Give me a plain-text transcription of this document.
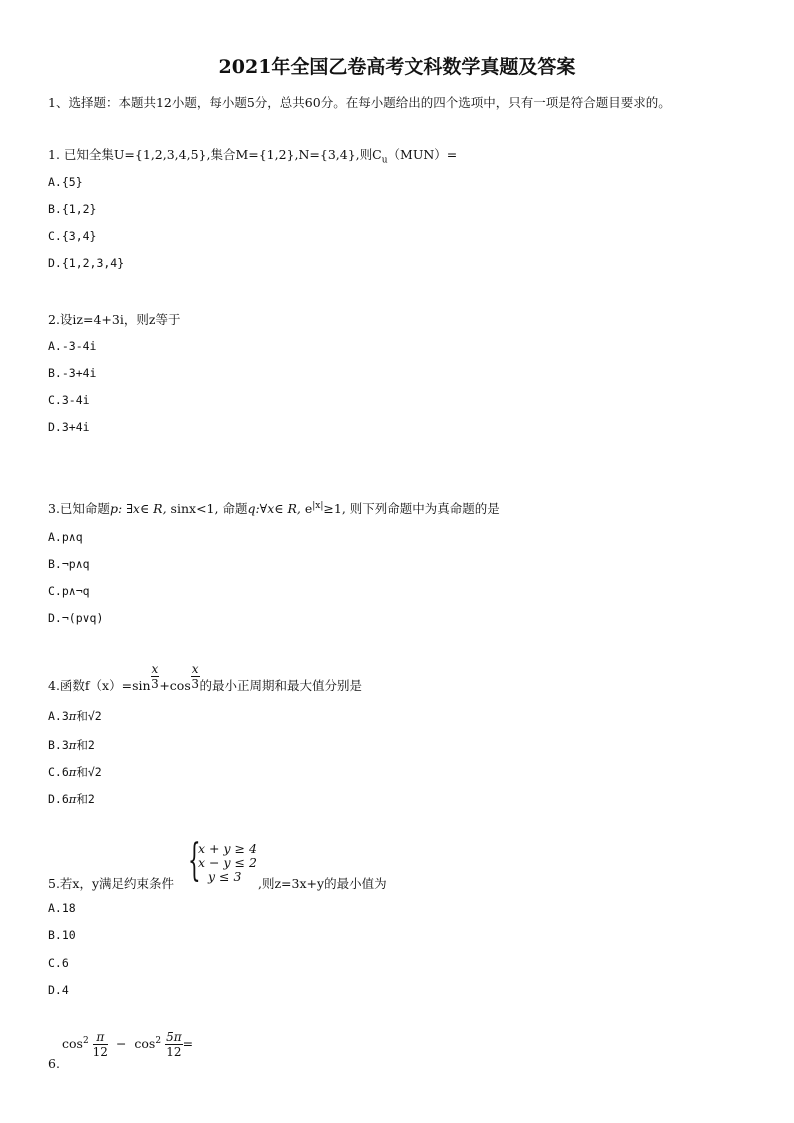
2021年全国乙卷高考文科数学真题及答案
1、选择题：本题共12小题，每小题5分，总共60分。在每小题给出的四个选项中，只有一项是符合题目要求的。
1. 已知全集U={1,2,3,4,5},集合M={1,2},N={3,4},则$C_u(MUN)=$
A.{5}
B.{1,2}
C.{3,4}
D.{1,2,3,4}
2.设iz=4+3i，则z等于
A.-3-4i
B.-3+4i
C.3-4i
D.3+4i
3.已知命题p: ∃x∈ R, sinx<1, 命题q:∀x∈ R, $e^{|x|}\ge 1$, 则下列命题中为真命题的是
A.p∧q
B.¬p∧q
C.p∧¬q
D.¬(p∨q)
4.函数$f(x)=\sin \frac{x}{3} +\cos \frac{x}{3}$ 的最小正周期和最大值分别是
A.3π和√2
B.3π和2
C.6π和√2
D.6π和2
5.若x，y满足约束条件 {
x + y ≥ 4
x − y ≤ 2
y ≤ 3 ,则z=3x+y的最小值为
A.18
B.10
C.6
D.4
6.
$\cos^2 \frac{\pi}{12} - \cos^2 \frac{5\pi}{12}$ =
